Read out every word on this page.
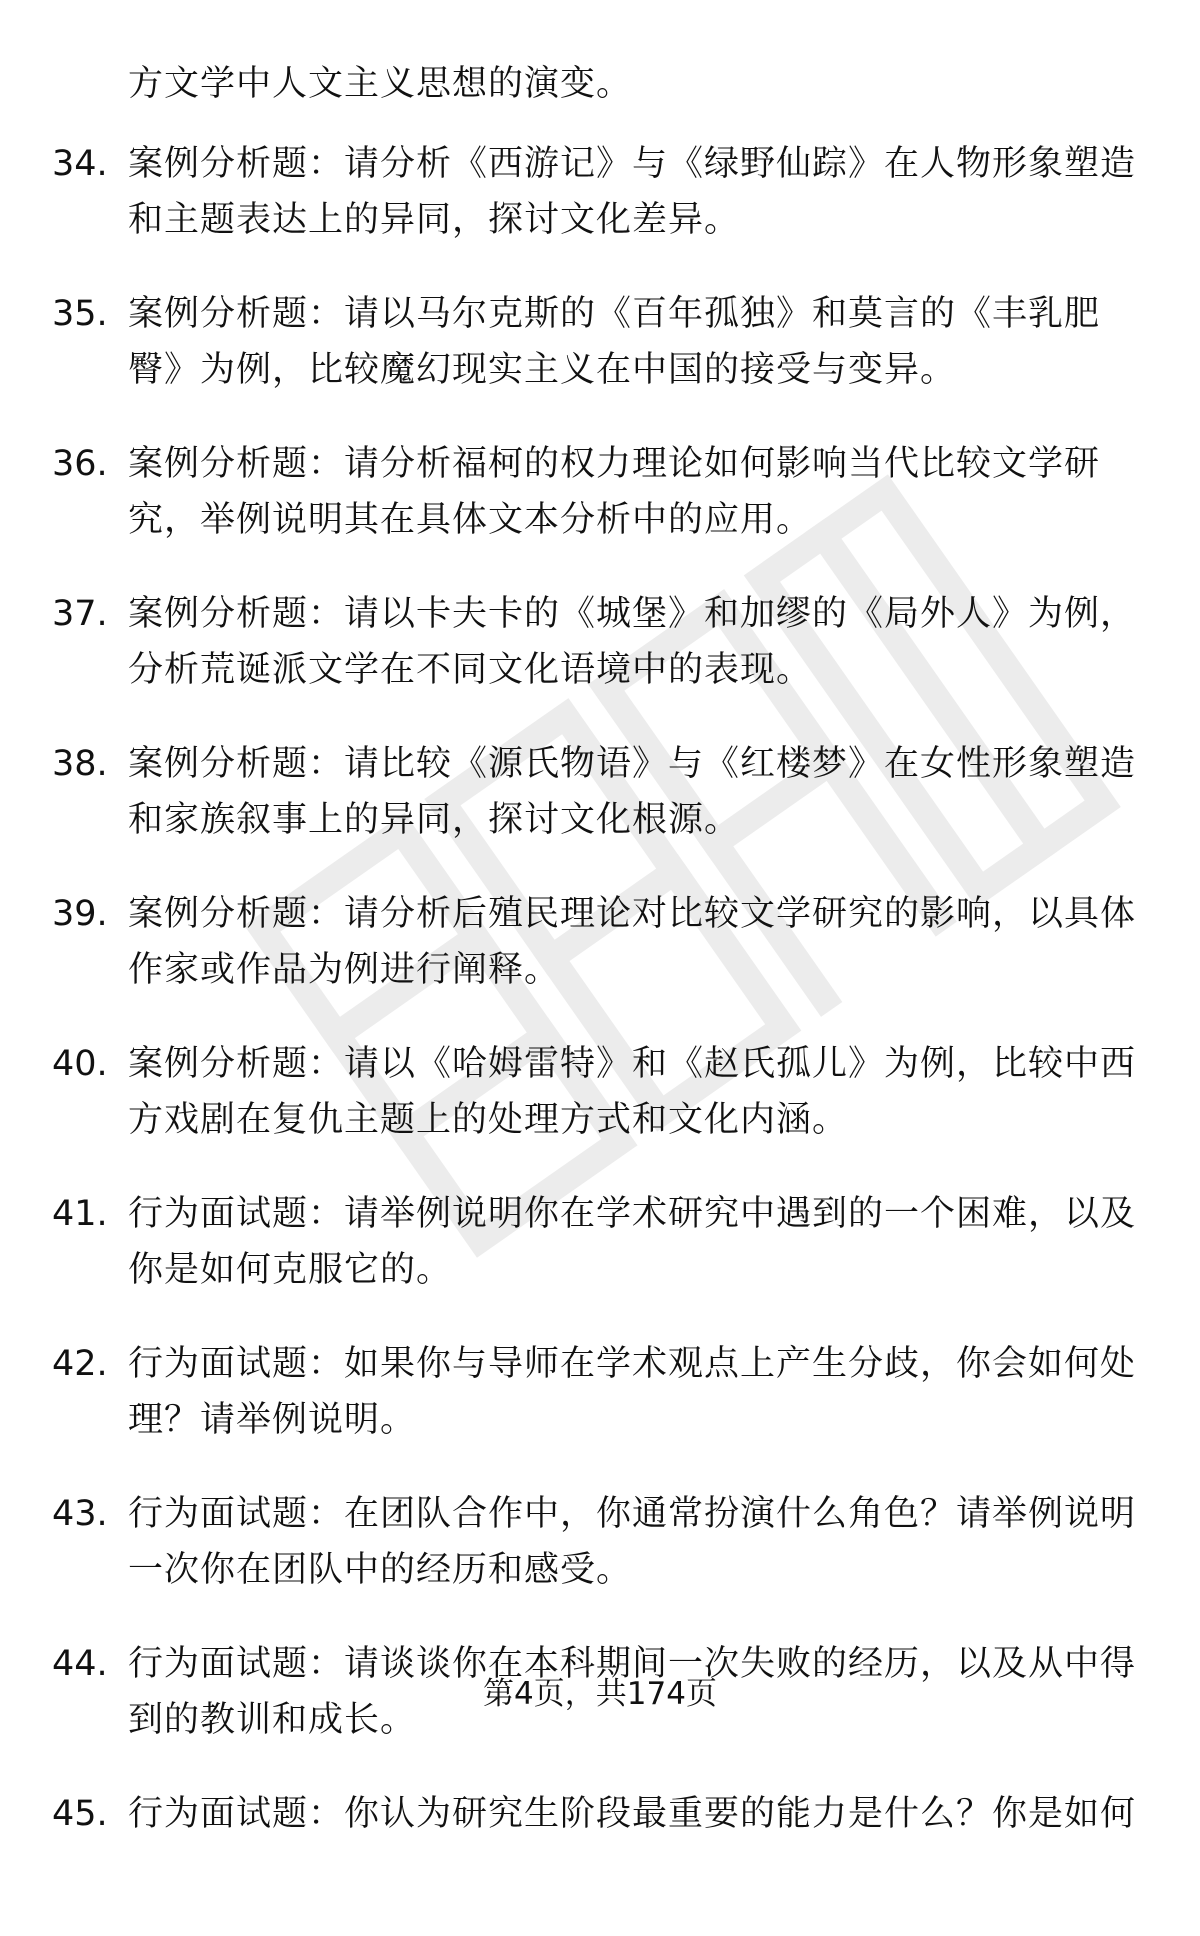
方文学中人文主义思想的演变。
34. 案例分析题：请分析《西游记》与《绿野仙踪》在人物形象塑造和主题表达上的异同，探讨文化差异。
35. 案例分析题：请以马尔克斯的《百年孤独》和莫言的《丰乳肥臀》为例，比较魔幻现实主义在中国的接受与变异。
36. 案例分析题：请分析福柯的权力理论如何影响当代比较文学研究，举例说明其在具体文本分析中的应用。
37. 案例分析题：请以卡夫卡的《城堡》和加缪的《局外人》为例，分析荒诞派文学在不同文化语境中的表现。
38. 案例分析题：请比较《源氏物语》与《红楼梦》在女性形象塑造和家族叙事上的异同，探讨文化根源。
39. 案例分析题：请分析后殖民理论对比较文学研究的影响，以具体作家或作品为例进行阐释。
40. 案例分析题：请以《哈姆雷特》和《赵氏孤儿》为例，比较中西方戏剧在复仇主题上的处理方式和文化内涵。
41. 行为面试题：请举例说明你在学术研究中遇到的一个困难，以及你是如何克服它的。
42. 行为面试题：如果你与导师在学术观点上产生分歧，你会如何处理？请举例说明。
43. 行为面试题：在团队合作中，你通常扮演什么角色？请举例说明一次你在团队中的经历和感受。
44. 行为面试题：请谈谈你在本科期间一次失败的经历，以及从中得到的教训和成长。
45. 行为面试题：你认为研究生阶段最重要的能力是什么？你是如何
第4页，共174页
